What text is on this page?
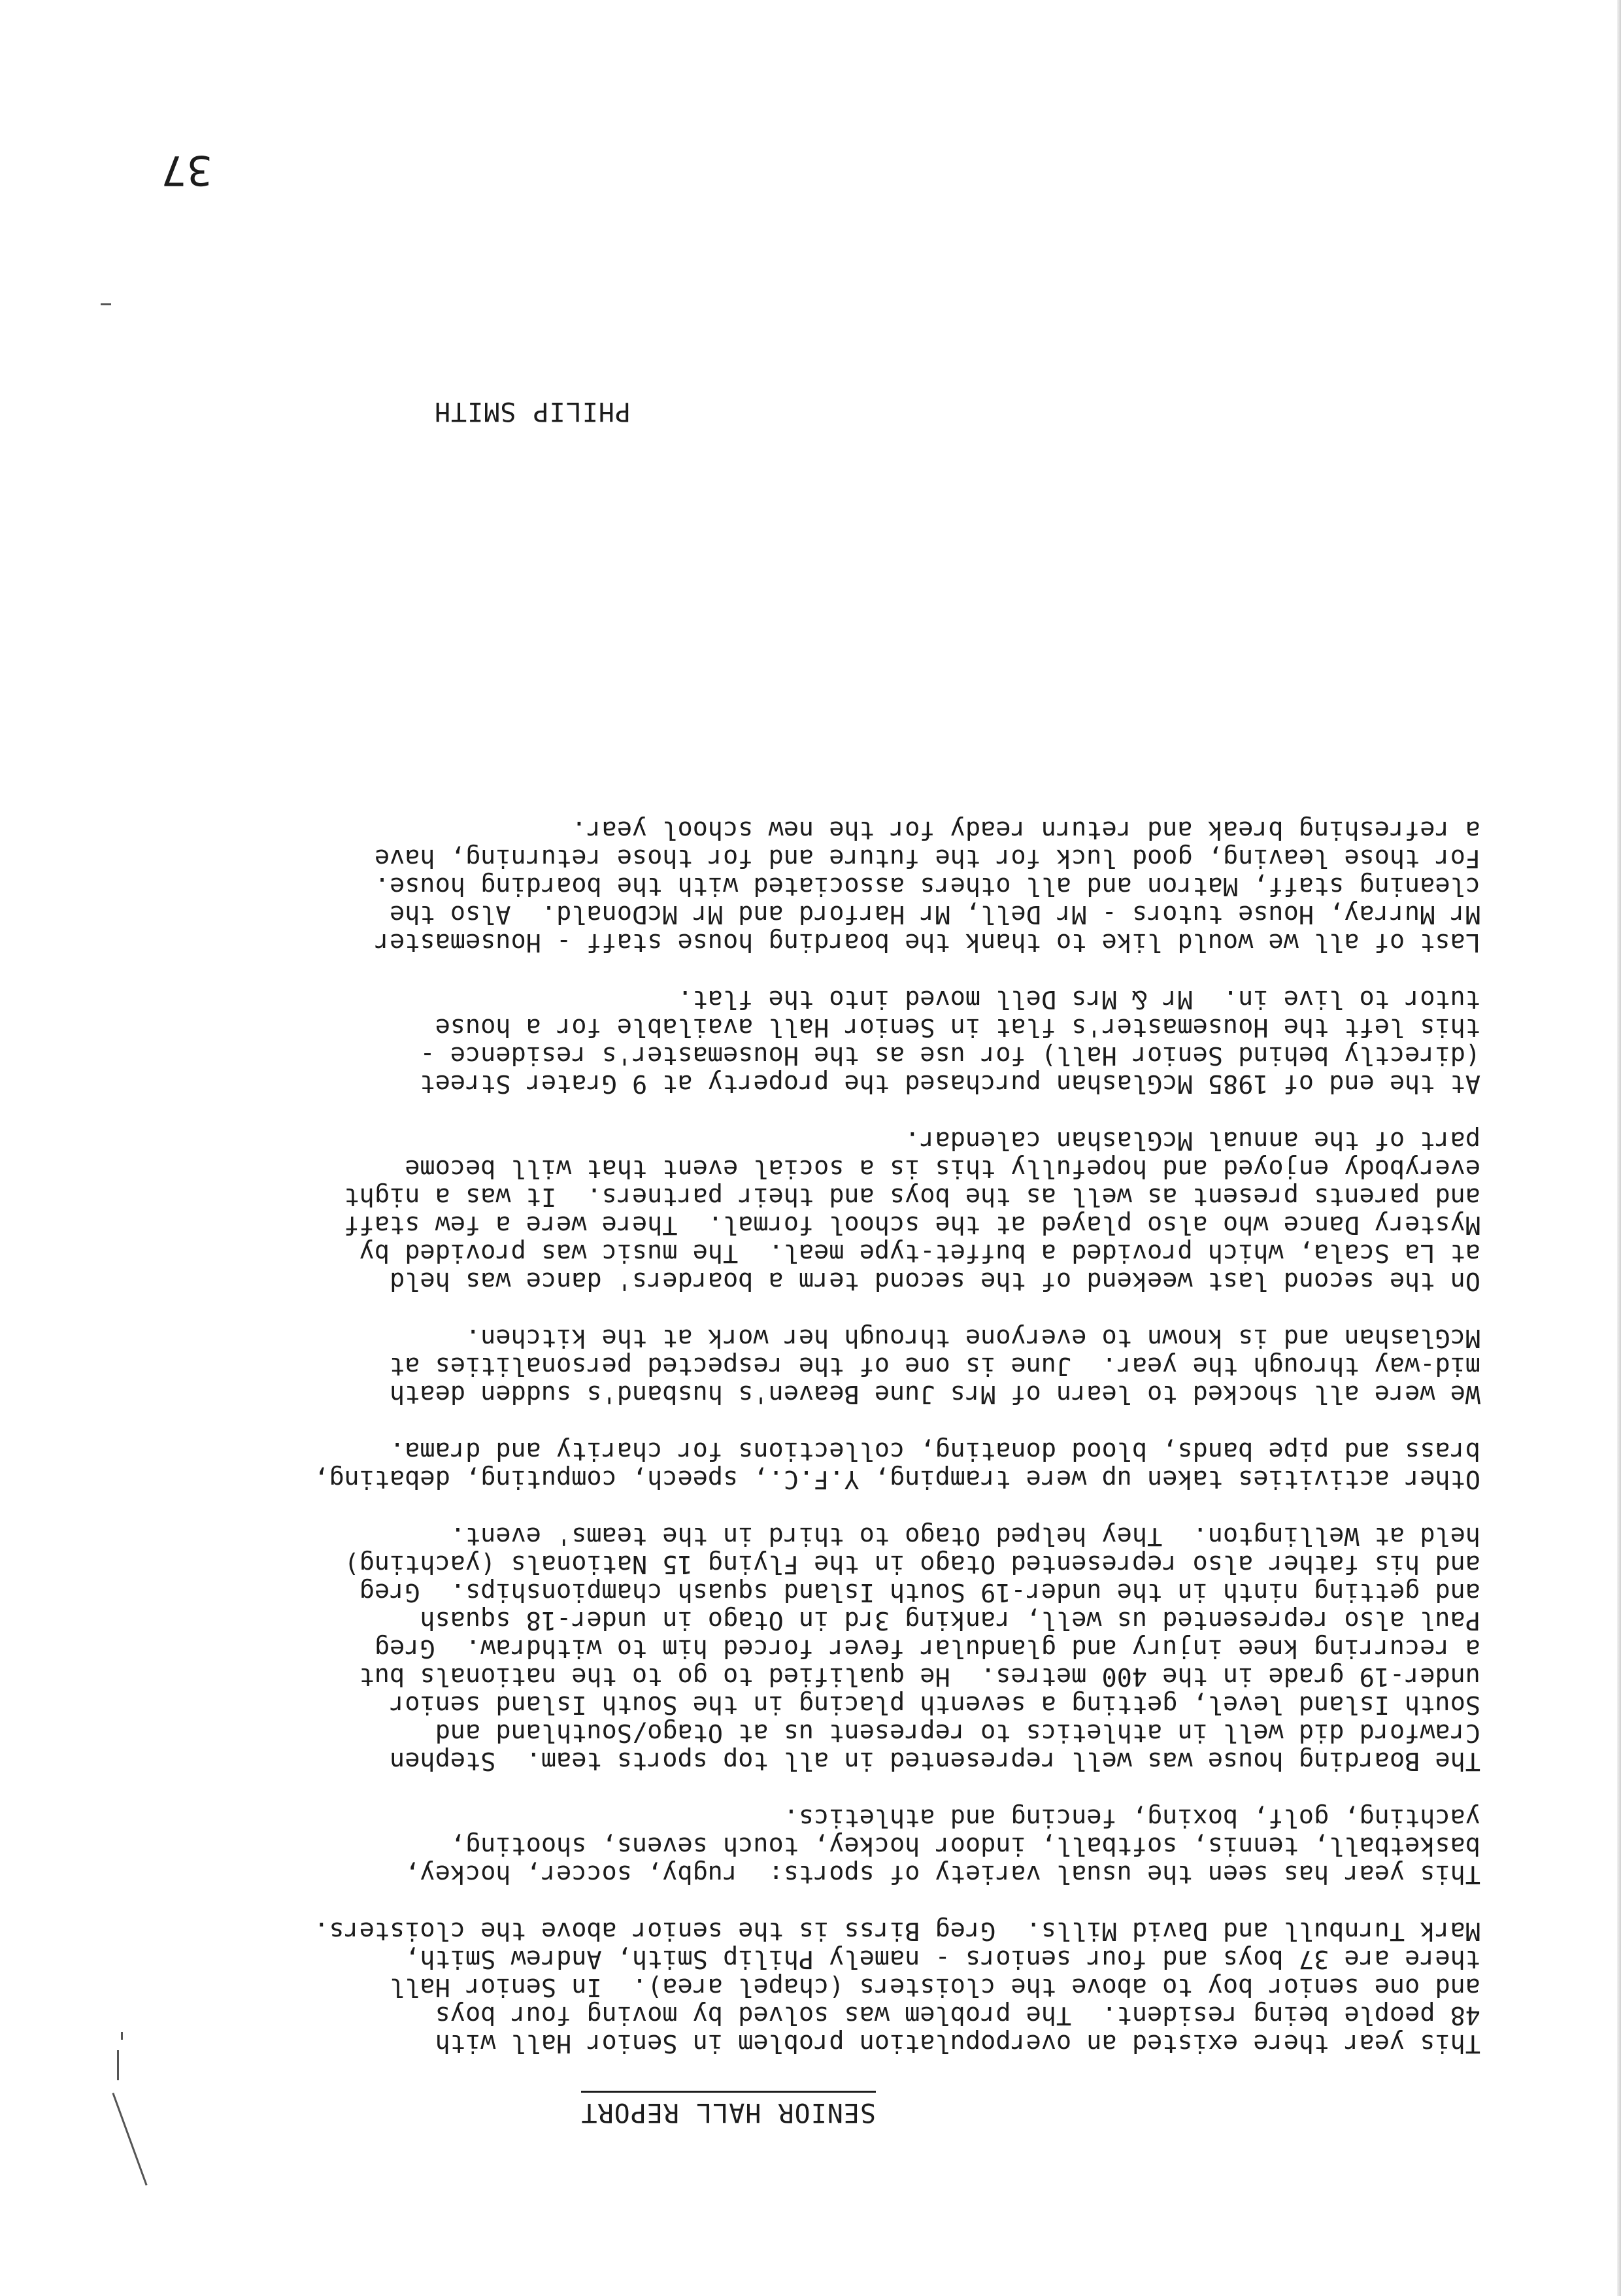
SENIOR HALL REPORT
This year there existed an overpopulation problem in Senior Hall with
48 people being resident.  The problem was solved by moving four boys
and one senior boy to above the cloisters (chapel area).  In Senior Hall
there are 37 boys and four seniors - namely Philip Smith, Andrew Smith,
Mark Turnbull and David Mills.  Greg Birss is the senior above the cloisters.
This year has seen the usual variety of sports:  rugby, soccer, hockey,
basketball, tennis, softball, indoor hockey, touch sevens, shooting,
yachting, golf, boxing, fencing and athletics.
The Boarding house was well represented in all top sports team.  Stephen
Crawford did well in athletics to represent us at Otago/Southland and
South Island level, getting a seventh placing in the South Island senior
under-19 grade in the 400 metres.  He qualified to go to the nationals but
a recurring knee injury and glandular fever forced him to withdraw.  Greg
Paul also represented us well, ranking 3rd in Otago in under-18 squash
and getting ninth in the under-19 South Island squash championships.  Greg
and his father also represented Otago in the Flying 15 Nationals (yachting)
held at Wellington.  They helped Otago to third in the teams' event.
Other activities taken up were tramping, Y.F.C., speech, computing, debating,
brass and pipe bands, blood donating, collections for charity and drama.
We were all shocked to learn of Mrs June Beaven's husband's sudden death
mid-way through the year.  June is one of the respected personalities at
McGlashan and is known to everyone through her work at the kitchen.
On the second last weekend of the second term a boarders' dance was held
at La Scala, which provided a buffet-type meal.  The music was provided by
Mystery Dance who also played at the school formal.  There were a few staff
and parents present as well as the boys and their partners.  It was a night
everybody enjoyed and hopefully this is a social event that will become
part of the annual McGlashan calendar.
At the end of 1985 McGlashan purchased the property at 9 Grater Street
(directly behind Senior Hall) for use as the Housemaster's residence -
this left the Housemaster's flat in Senior Hall available for a house
tutor to live in.  Mr & Mrs Dell moved into the flat.
Last of all we would like to thank the boarding house staff - Housemaster
Mr Murray, House tutors - Mr Dell, Mr Harford and Mr McDonald.  Also the
cleaning staff, Matron and all others associated with the boarding house.
For those leaving, good luck for the future and for those returning, have
a refreshing break and return ready for the new school year.
PHILIP SMITH
37
